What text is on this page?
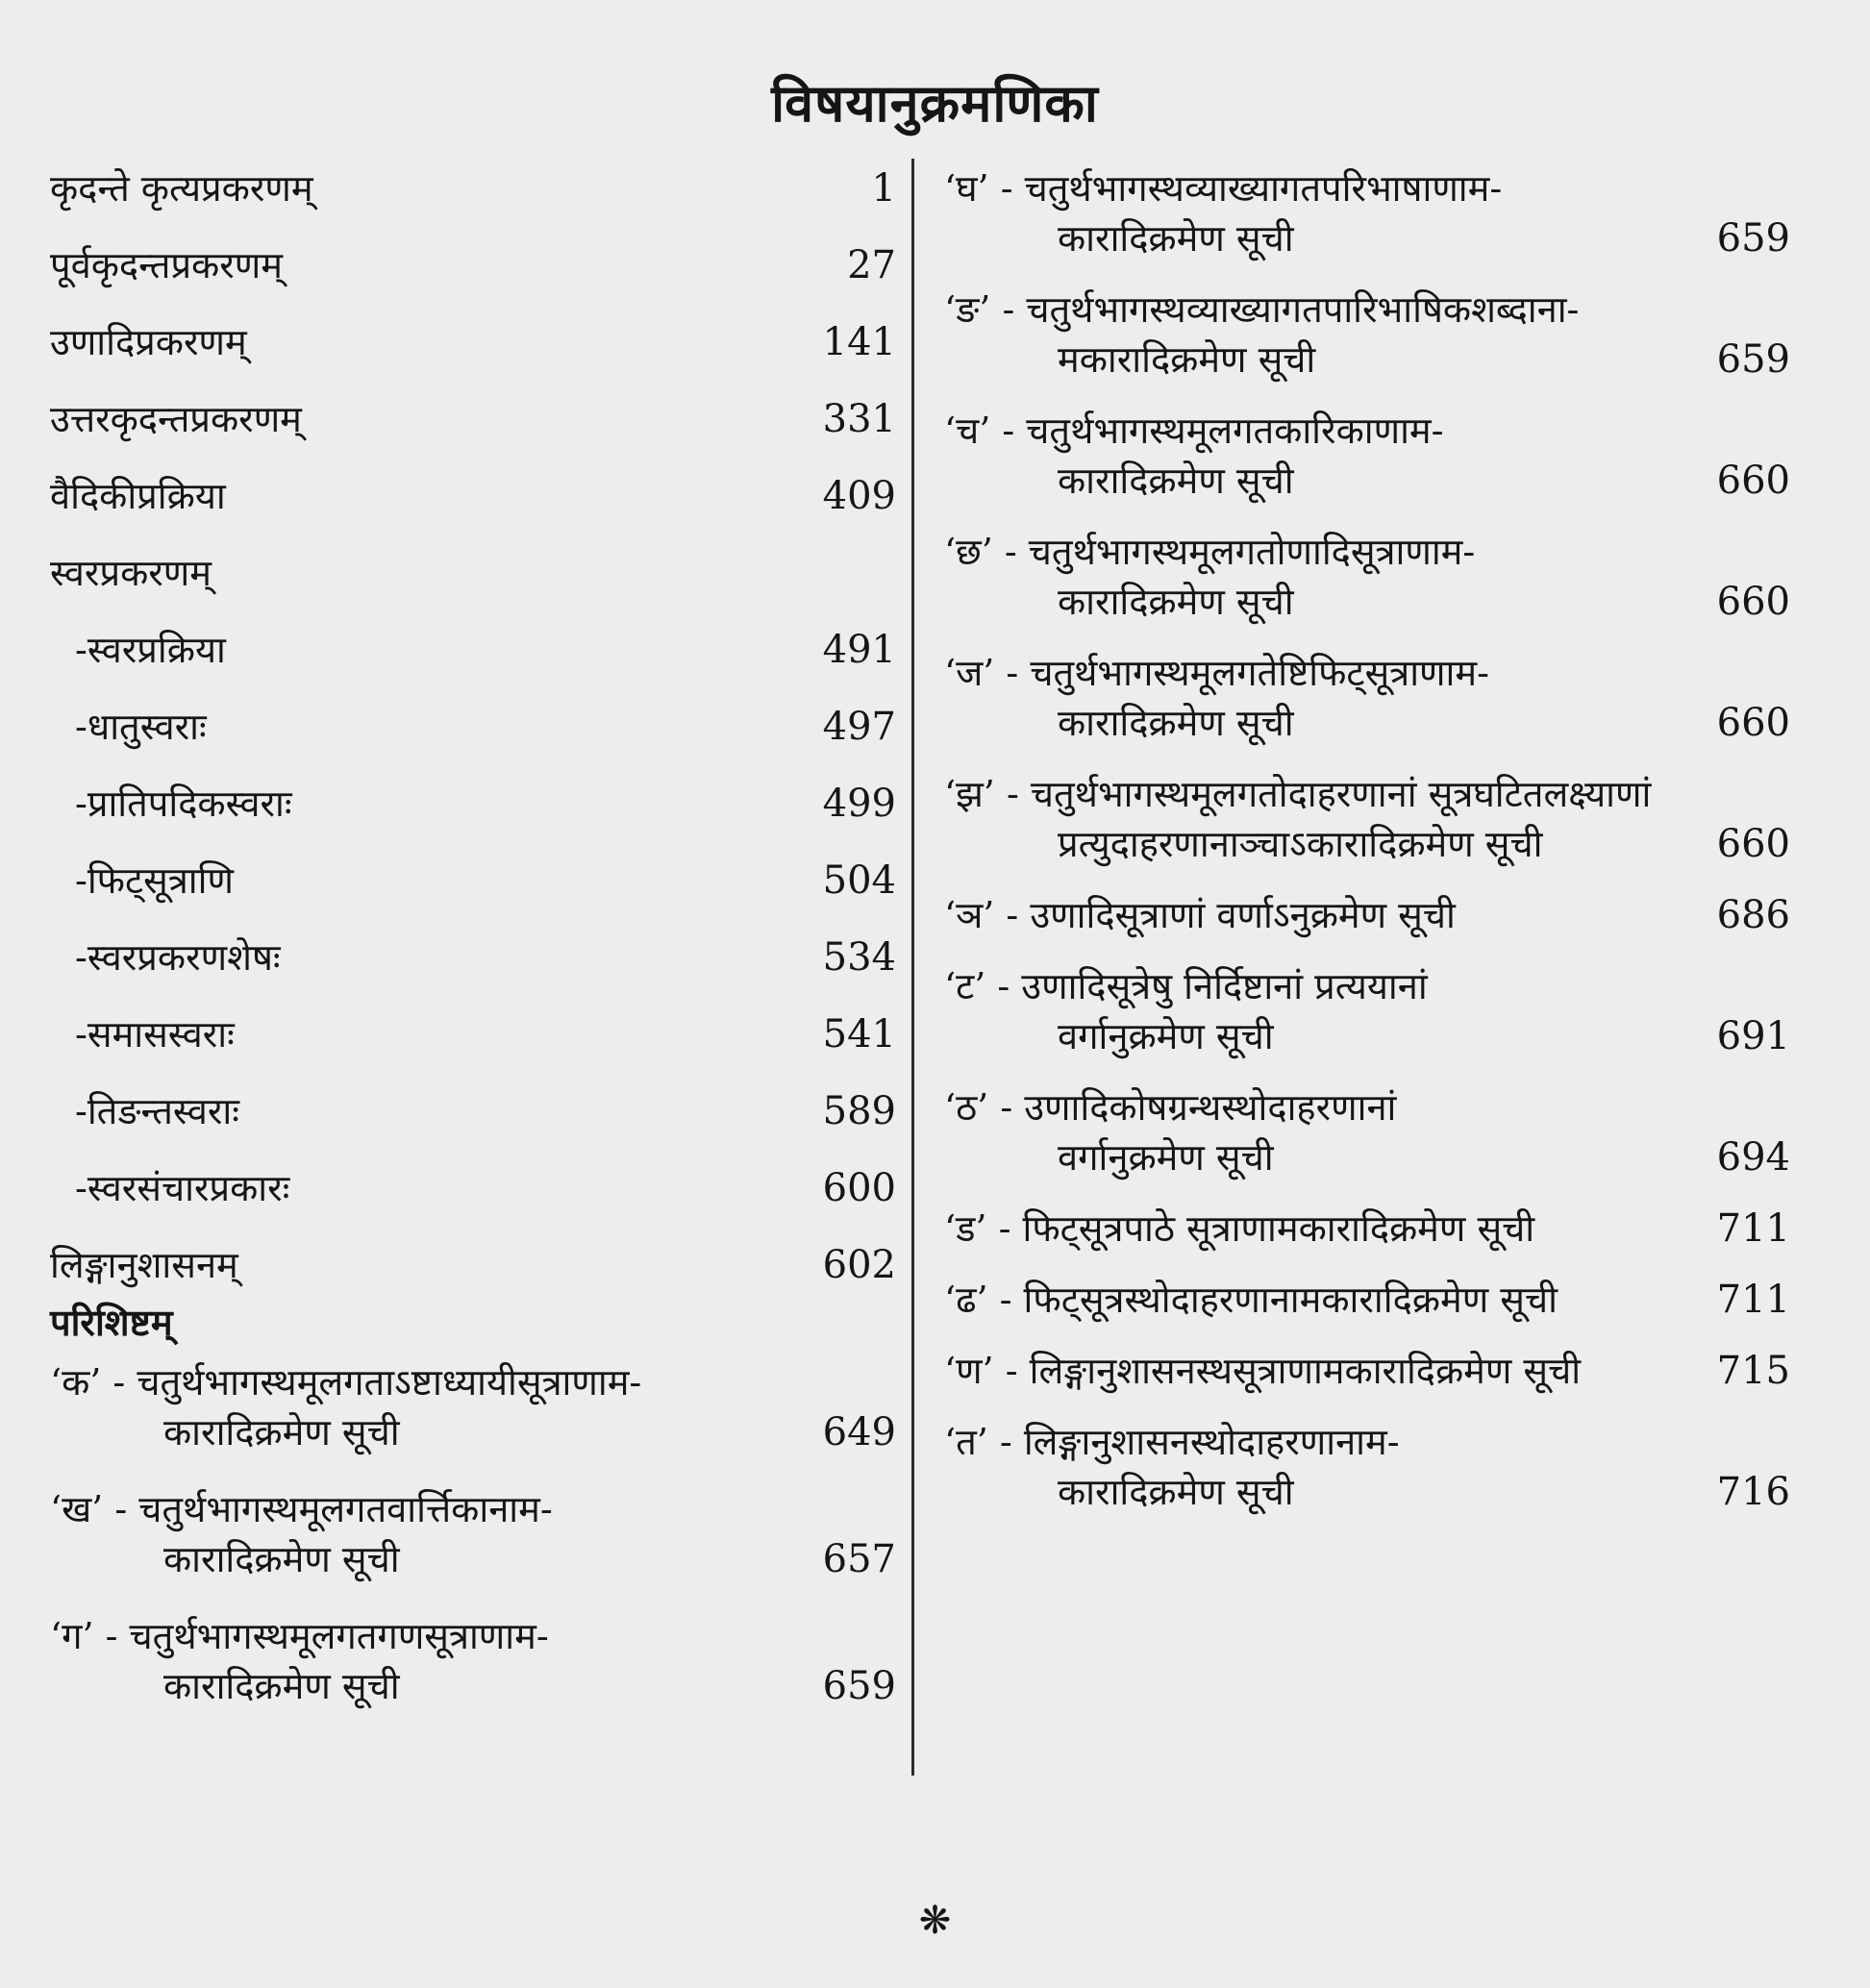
विषयानुक्रमणिका
कृदन्ते कृत्यप्रकरणम्	1
पूर्वकृदन्तप्रकरणम्	27
उणादिप्रकरणम्	141
उत्तरकृदन्तप्रकरणम्	331
वैदिकीप्रक्रिया	409
स्वरप्रकरणम्
-स्वरप्रक्रिया	491
-धातुस्वराः	497
-प्रातिपदिकस्वराः	499
-फिट्सूत्राणि	504
-स्वरप्रकरणशेषः	534
-समासस्वराः	541
-तिङन्तस्वराः	589
-स्वरसंचारप्रकारः	600
लिङ्गानुशासनम्	602
परिशिष्टम्
‘क’ - चतुर्थभागस्थमूलगताऽष्टाध्यायीसूत्राणाम-
कारादिक्रमेण सूची	649
‘ख’ - चतुर्थभागस्थमूलगतवार्त्तिकानाम-
कारादिक्रमेण सूची	657
‘ग’ - चतुर्थभागस्थमूलगतगणसूत्राणाम-
कारादिक्रमेण सूची	659
‘घ’ - चतुर्थभागस्थव्याख्यागतपरिभाषाणाम-
कारादिक्रमेण सूची	659
‘ङ’ - चतुर्थभागस्थव्याख्यागतपारिभाषिकशब्दाना-
मकारादिक्रमेण सूची	659
‘च’ - चतुर्थभागस्थमूलगतकारिकाणाम-
कारादिक्रमेण सूची	660
‘छ’ - चतुर्थभागस्थमूलगतोणादिसूत्राणाम-
कारादिक्रमेण सूची	660
‘ज’ - चतुर्थभागस्थमूलगतेष्टिफिट्सूत्राणाम-
कारादिक्रमेण सूची	660
‘झ’ - चतुर्थभागस्थमूलगतोदाहरणानां सूत्रघटितलक्ष्याणां
प्रत्युदाहरणानाञ्चाऽकारादिक्रमेण सूची	660
‘ञ’ - उणादिसूत्राणां वर्णाऽनुक्रमेण सूची	686
‘ट’ - उणादिसूत्रेषु निर्दिष्टानां प्रत्ययानां
वर्गानुक्रमेण सूची	691
‘ठ’ - उणादिकोषग्रन्थस्थोदाहरणानां
वर्गानुक्रमेण सूची	694
‘ड’ - फिट्सूत्रपाठे सूत्राणामकारादिक्रमेण सूची	711
‘ढ’ - फिट्सूत्रस्थोदाहरणानामकारादिक्रमेण सूची	711
‘ण’ - लिङ्गानुशासनस्थसूत्राणामकारादिक्रमेण सूची	715
‘त’ - लिङ्गानुशासनस्थोदाहरणानाम-
कारादिक्रमेण सूची	716
❋
